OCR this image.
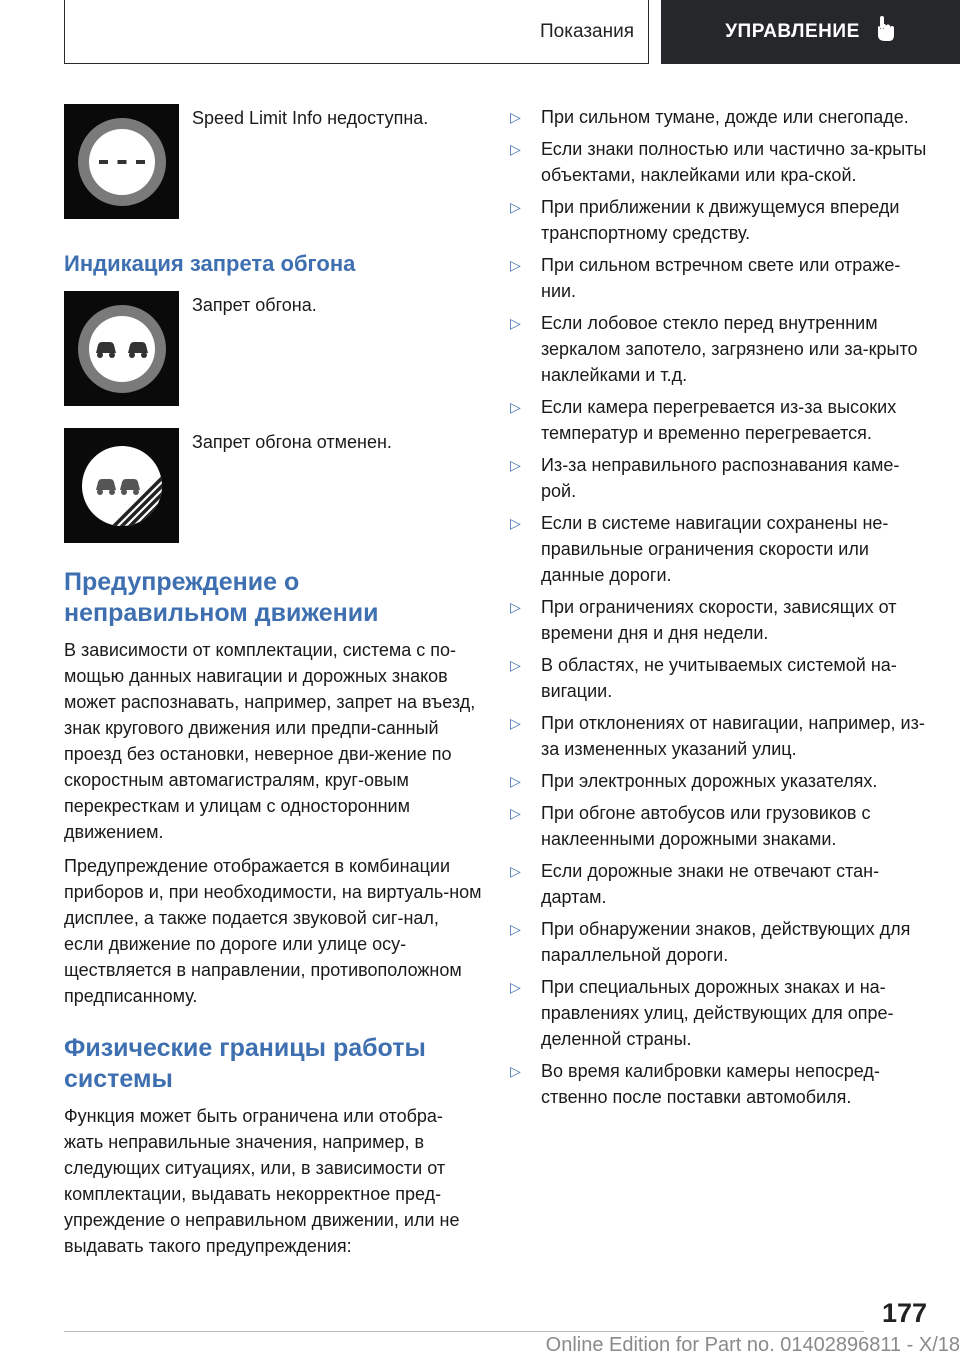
Показания	УПРАВЛЕНИЕ
Speed Limit Info недоступна.
Индикация запрета обгона
Запрет обгона.
Запрет обгона отменен.
Предупреждение о неправильном движении

В зависимости от комплектации, система с по-мощью данных навигации и дорожных знаков может распознавать, например, запрет на въезд, знак кругового движения или предпи-санный проезд без остановки, неверное дви-жение по скоростным автомагистралям, круг-овым перекресткам и улицам с односторонним движением.

Предупреждение отображается в комбинации приборов и, при необходимости, на виртуаль-ном дисплее, а также подается звуковой сиг-нал, если движение по дороге или улице осу-ществляется в направлении, противоположном предписанному.

Физические границы работы системы

Функция может быть ограничена или отобра-жать неправильные значения, например, в следующих ситуациях, или, в зависимости от комплектации, выдавать некорректное пред-упреждение о неправильном движении, или не выдавать такого предупреждения:

▷ При сильном тумане, дожде или снегопаде.
▷ Если знаки полностью или частично за-крыты объектами, наклейками или кра-ской.
▷ При приближении к движущемуся впереди транспортному средству.
▷ При сильном встречном свете или отраже-нии.
▷ Если лобовое стекло перед внутренним зеркалом запотело, загрязнено или за-крыто наклейками и т.д.
▷ Если камера перегревается из-за высоких температур и временно перегревается.
▷ Из-за неправильного распознавания каме-рой.
▷ Если в системе навигации сохранены не-правильные ограничения скорости или данные дороги.
▷ При ограничениях скорости, зависящих от времени дня и дня недели.
▷ В областях, не учитываемых системой на-вигации.
▷ При отклонениях от навигации, например, из-за измененных указаний улиц.
▷ При электронных дорожных указателях.
▷ При обгоне автобусов или грузовиков с наклеенными дорожными знаками.
▷ Если дорожные знаки не отвечают стан-дартам.
▷ При обнаружении знаков, действующих для параллельной дороги.
▷ При специальных дорожных знаках и на-правлениях улиц, действующих для опре-деленной страны.
▷ Во время калибровки камеры непосред-ственно после поставки автомобиля.
177
Online Edition for Part no. 01402896811 - X/18
